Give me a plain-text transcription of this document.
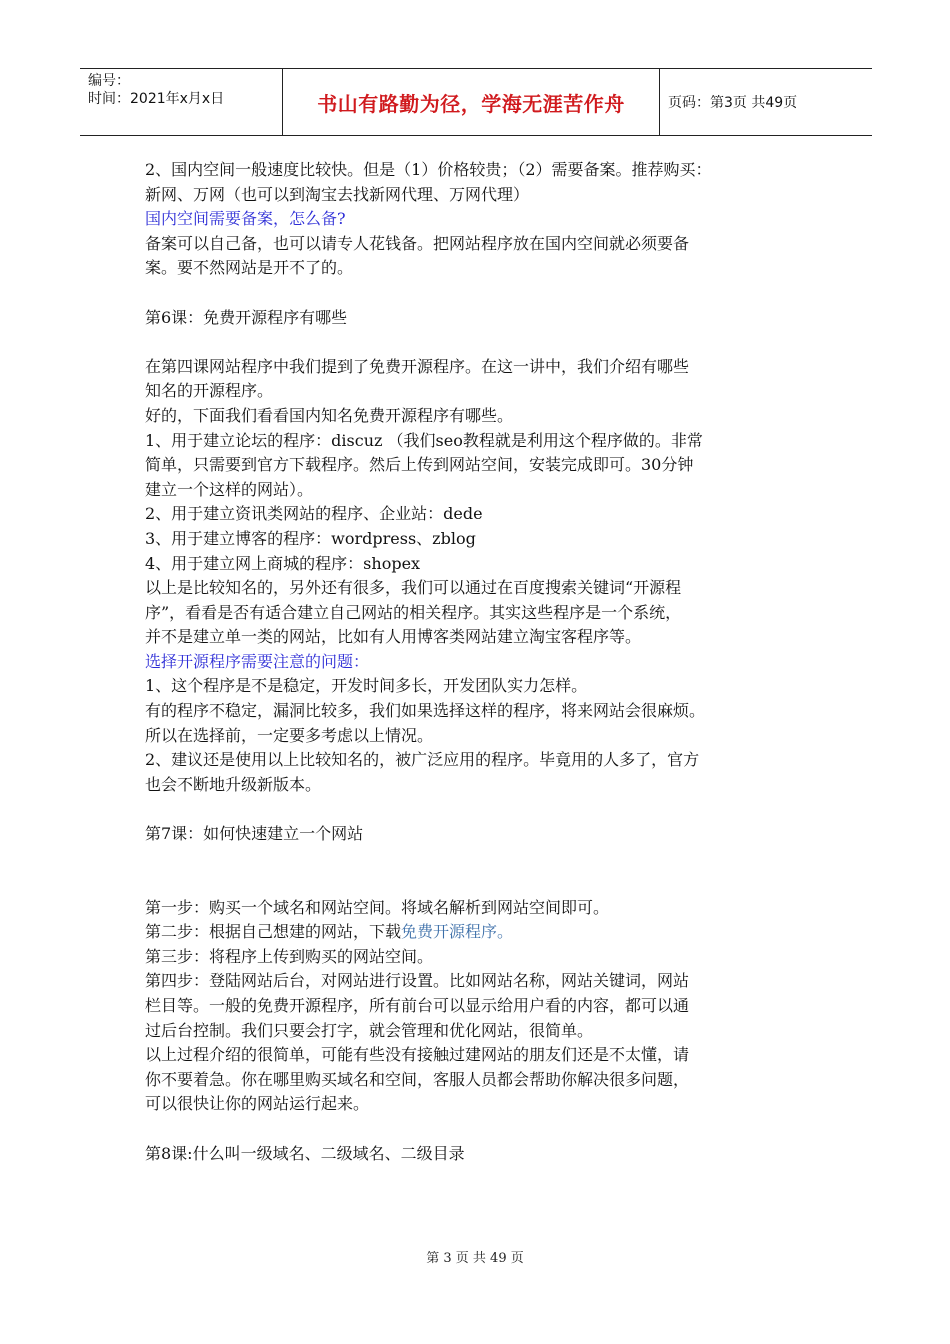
编号：
时间：2021年x月x日	书山有路勤为径，学海无涯苦作舟	页码：第3页 共49页

2、国内空间一般速度比较快。但是（1）价格较贵；（2）需要备案。推荐购买：

新网、万网（也可以到淘宝去找新网代理、万网代理）

国内空间需要备案，怎么备?

备案可以自己备，也可以请专人花钱备。把网站程序放在国内空间就必须要备

案。要不然网站是开不了的。

第6课：免费开源程序有哪些

在第四课网站程序中我们提到了免费开源程序。在这一讲中，我们介绍有哪些

知名的开源程序。

好的，下面我们看看国内知名免费开源程序有哪些。

1、用于建立论坛的程序：discuz （我们seo教程就是利用这个程序做的。非常

简单，只需要到官方下载程序。然后上传到网站空间，安装完成即可。30分钟

建立一个这样的网站）。

2、用于建立资讯类网站的程序、企业站：dede

3、用于建立博客的程序：wordpress、zblog

4、用于建立网上商城的程序：shopex

以上是比较知名的，另外还有很多，我们可以通过在百度搜索关键词“开源程

序”，看看是否有适合建立自己网站的相关程序。其实这些程序是一个系统，

并不是建立单一类的网站，比如有人用博客类网站建立淘宝客程序等。

选择开源程序需要注意的问题：

1、这个程序是不是稳定，开发时间多长，开发团队实力怎样。

有的程序不稳定，漏洞比较多，我们如果选择这样的程序，将来网站会很麻烦。

所以在选择前，一定要多考虑以上情况。

2、建议还是使用以上比较知名的，被广泛应用的程序。毕竟用的人多了，官方

也会不断地升级新版本。

第7课：如何快速建立一个网站

第一步：购买一个域名和网站空间。将域名解析到网站空间即可。

第二步：根据自己想建的网站，下载免费开源程序。

第三步：将程序上传到购买的网站空间。

第四步：登陆网站后台，对网站进行设置。比如网站名称，网站关键词，网站

栏目等。一般的免费开源程序，所有前台可以显示给用户看的内容，都可以通

过后台控制。我们只要会打字，就会管理和优化网站，很简单。

以上过程介绍的很简单，可能有些没有接触过建网站的朋友们还是不太懂，请

你不要着急。你在哪里购买域名和空间，客服人员都会帮助你解决很多问题，

可以很快让你的网站运行起来。

第8课:什么叫一级域名、二级域名、二级目录

第 3 页 共 49 页
